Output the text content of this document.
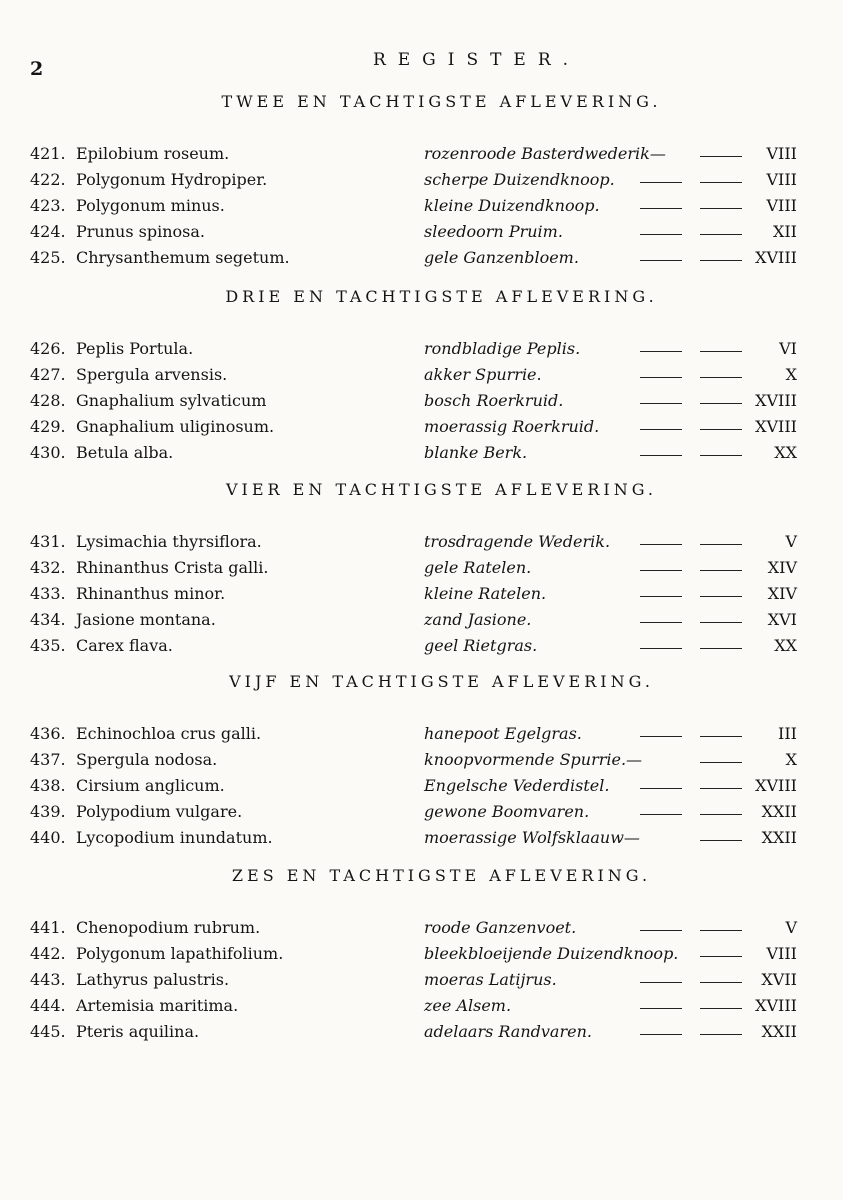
2	REGISTER.
TWEE EN TACHTIGSTE AFLEVERING.
421. Epilobium roseum.	rozenroode Basterdwederik—	VIII
422. Polygonum Hydropiper.	scherpe Duizendknoop.	VIII
423. Polygonum minus.	kleine Duizendknoop.	VIII
424. Prunus spinosa.	sleedoorn Pruim.	XII
425. Chrysanthemum segetum.	gele Ganzenbloem.	XVIII
DRIE EN TACHTIGSTE AFLEVERING.
426. Peplis Portula.	rondbladige Peplis.	VI
427. Spergula arvensis.	akker Spurrie.	X
428. Gnaphalium sylvaticum	bosch Roerkruid.	XVIII
429. Gnaphalium uliginosum.	moerassig Roerkruid.	XVIII
430. Betula alba.	blanke Berk.	XX
VIER EN TACHTIGSTE AFLEVERING.
431. Lysimachia thyrsiflora.	trosdragende Wederik.	V
432. Rhinanthus Crista galli.	gele Ratelen.	XIV
433. Rhinanthus minor.	kleine Ratelen.	XIV
434. Jasione montana.	zand Jasione.	XVI
435. Carex flava.	geel Rietgras.	XX
VIJF EN TACHTIGSTE AFLEVERING.
436. Echinochloa crus galli.	hanepoot Egelgras.	III
437. Spergula nodosa.	knoopvormende Spurrie.—	X
438. Cirsium anglicum.	Engelsche Vederdistel.	XVIII
439. Polypodium vulgare.	gewone Boomvaren.	XXII
440. Lycopodium inundatum.	moerassige Wolfsklaauw—	XXII
ZES EN TACHTIGSTE AFLEVERING.
441. Chenopodium rubrum.	roode Ganzenvoet.	V
442. Polygonum lapathifolium.	bleekbloeijende Duizendknoop.	VIII
443. Lathyrus palustris.	moeras Latijrus.	XVII
444. Artemisia maritima.	zee Alsem.	XVIII
445. Pteris aquilina.	adelaars Randvaren.	XXII
